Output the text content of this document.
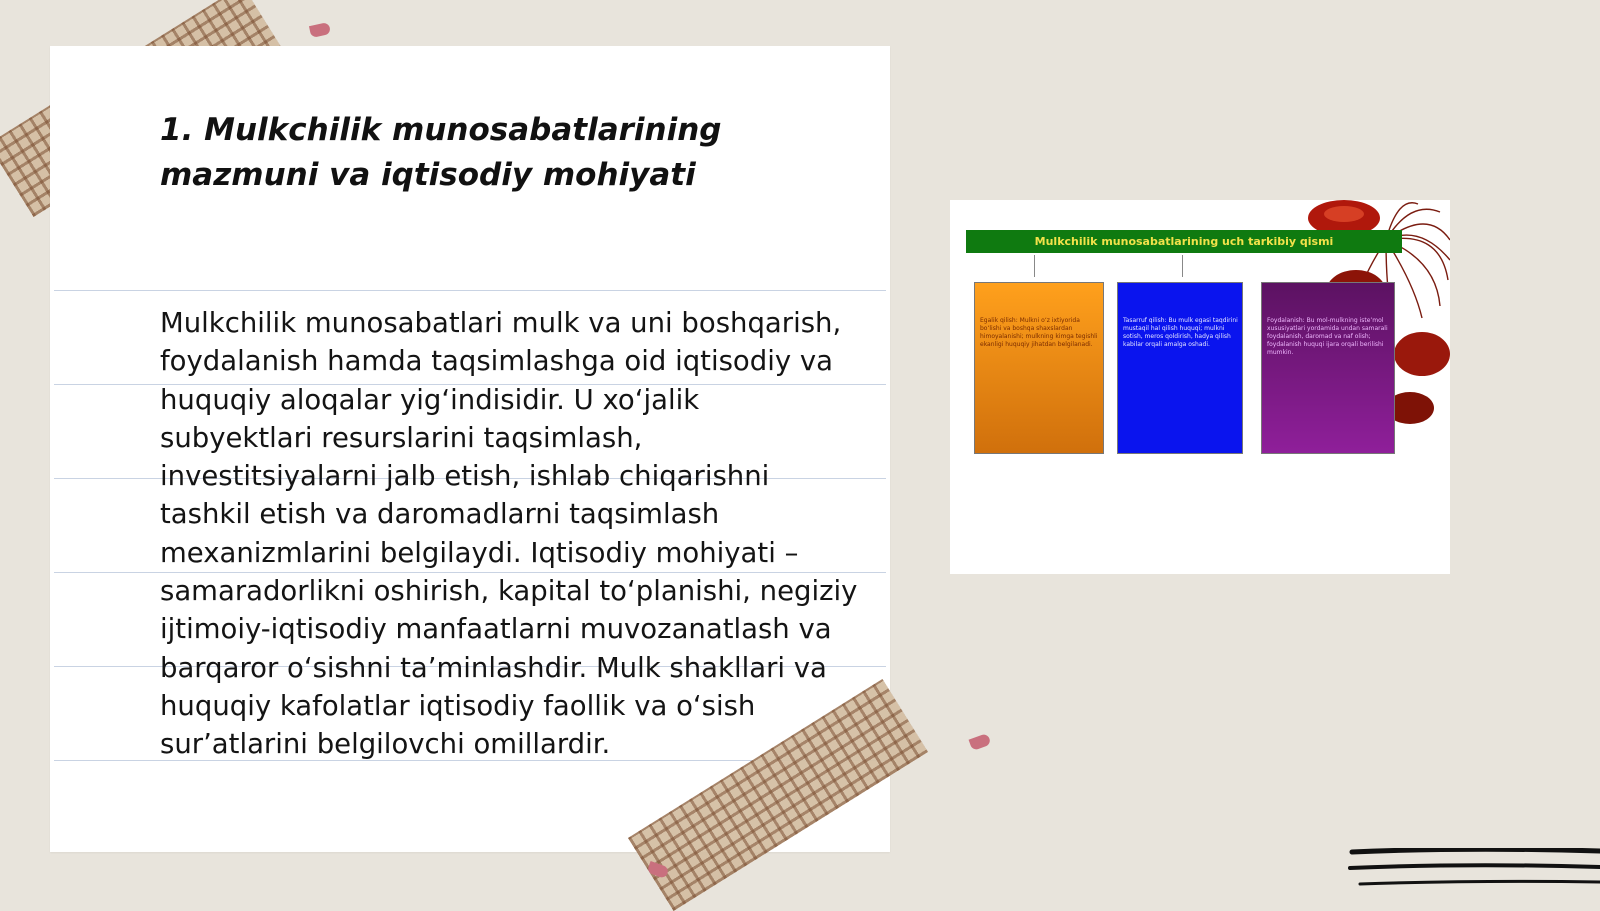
1. Mulkchilik munosabatlarining mazmuni va iqtisodiy mohiyati

Mulkchilik munosabatlari mulk va uni boshqarish, foydalanish hamda taqsimlashga oid iqtisodiy va huquqiy aloqalar yig‘indisidir. U xo‘jalik subyektlari resurslarini taqsimlash, investitsiyalarni jalb etish, ishlab chiqarishni tashkil etish va daromadlarni taqsimlash mexanizmlarini belgilaydi. Iqtisodiy mohiyati – samaradorlikni oshirish, kapital to‘planishi, negiziy ijtimoiy-iqtisodiy manfaatlarni muvozanatlash va barqaror o‘sishni ta’minlashdir. Mulk shakllari va huquqiy kafolatlar iqtisodiy faollik va o‘sish sur’atlarini belgilovchi omillardir.

Mulkchilik munosabatlarining uch tarkibiy qismi
Egalik qilish: Mulkni o‘z ixtiyorida bo‘lishi va boshqa shaxslardan himoyalanishi; mulkning kimga tegishli ekanligi huquqiy jihatdan belgilanadi.
Tasarruf qilish: Bu mulk egasi taqdirini mustaqil hal qilish huquqi; mulkni sotish, meros qoldirish, hadya qilish kabilar orqali amalga oshadi.
Foydalanish: Bu mol-mulkning iste’mol xususiyatlari yordamida undan samarali foydalanish, daromad va naf olish; foydalanish huquqi ijara orqali berilishi mumkin.
